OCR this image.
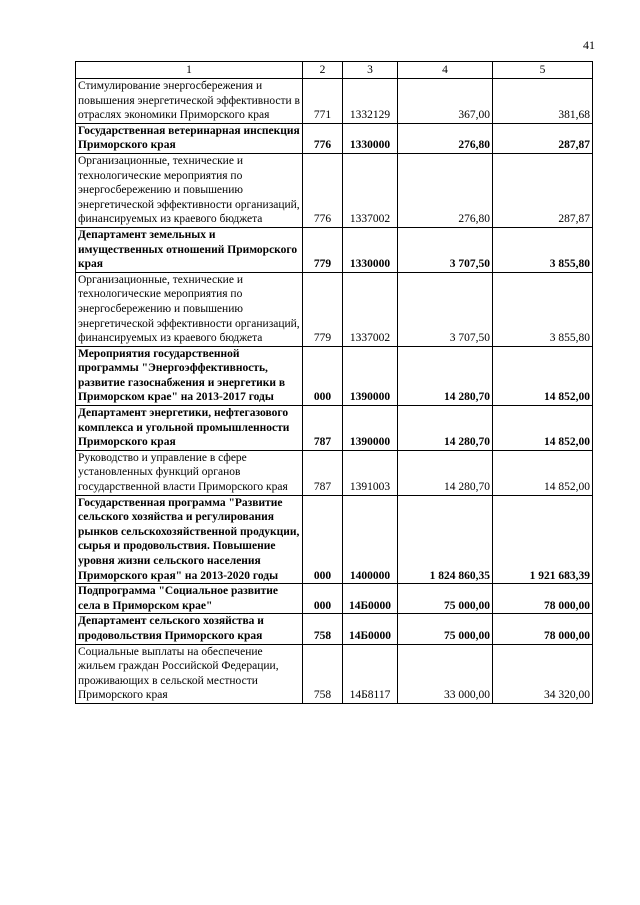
41
1	2	3	4	5
Стимулирование энергосбережения и повышения энергетической эффективности в отраслях экономики Приморского края	771	1332129	367,00	381,68
Государственная ветеринарная инспекция Приморского края	776	1330000	276,80	287,87
Организационные, технические и технологические мероприятия по энергосбережению и повышению энергетической эффективности организаций, финансируемых из краевого бюджета	776	1337002	276,80	287,87
Департамент земельных и имущественных отношений Приморского края	779	1330000	3 707,50	3 855,80
Организационные, технические и технологические мероприятия по энергосбережению и повышению энергетической эффективности организаций, финансируемых из краевого бюджета	779	1337002	3 707,50	3 855,80
Мероприятия государственной программы "Энергоэффективность, развитие газоснабжения и энергетики в Приморском крае" на 2013-2017 годы	000	1390000	14 280,70	14 852,00
Департамент энергетики, нефтегазового комплекса и угольной промышленности Приморского края	787	1390000	14 280,70	14 852,00
Руководство и управление в сфере установленных функций органов государственной власти Приморского края	787	1391003	14 280,70	14 852,00
Государственная программа "Развитие сельского хозяйства и регулирования рынков сельскохозяйственной продукции, сырья и продовольствия. Повышение уровня жизни сельского населения Приморского края" на 2013-2020 годы	000	1400000	1 824 860,35	1 921 683,39
Подпрограмма "Социальное развитие села в Приморском крае"	000	14Б0000	75 000,00	78 000,00
Департамент сельского хозяйства и продовольствия Приморского края	758	14Б0000	75 000,00	78 000,00
Социальные выплаты на обеспечение жильем граждан Российской Федерации, проживающих в сельской местности Приморского края	758	14Б8117	33 000,00	34 320,00
